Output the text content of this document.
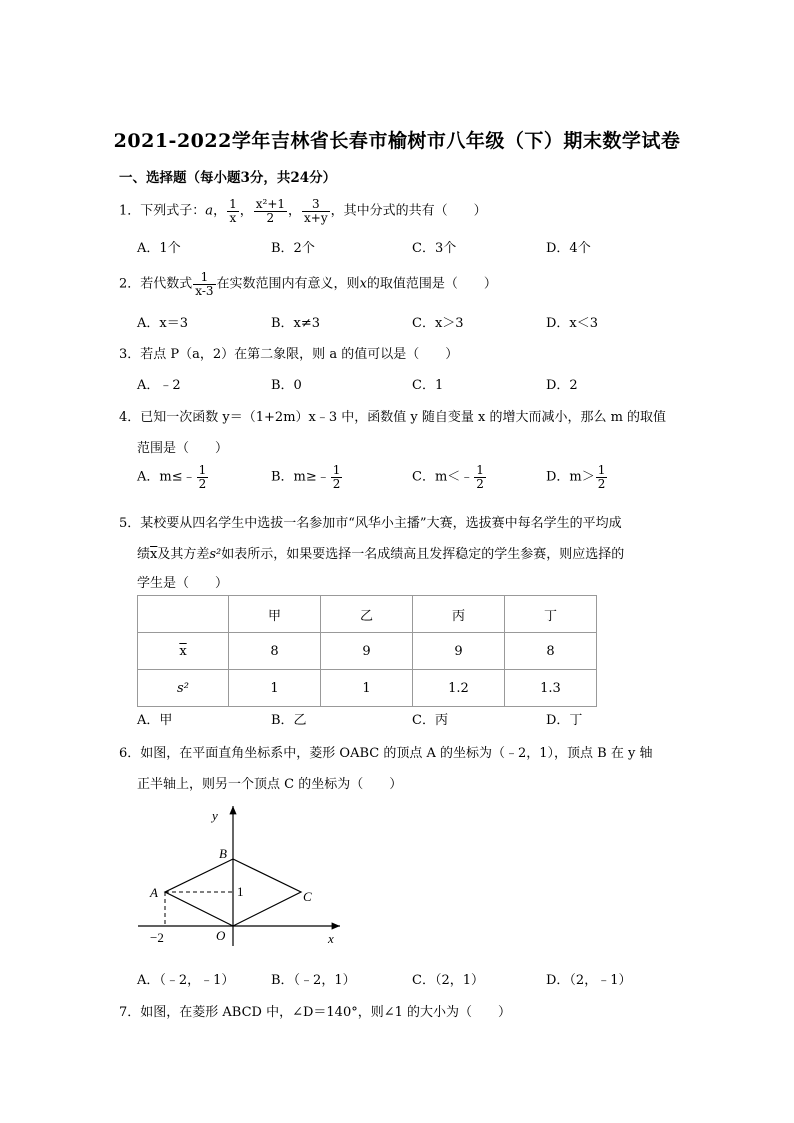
2021-2022学年吉林省长春市榆树市八年级（下）期末数学试卷
一、选择题（每小题3分，共24分）
1．下列式子：a， $\frac{1}{x}$ ， $\frac{\text{x²+1}}{2}$ ， $\frac{3}{x+y}$ ，其中分式的共有（　　）
A．1个	B．2个	C．3个	D．4个
2．若代数式 $\frac{1}{x-3}$ 在实数范围内有意义，则x的取值范围是（　　）
A．x＝3	B．x≠3	C．x＞3	D．x＜3
3．若点 P（a，2）在第二象限，则 a 的值可以是（　　）
A．﹣2	B．0	C．1	D．2
4．已知一次函数 y＝（1+2m）x﹣3 中，函数值 y 随自变量 x 的增大而减小，那么 m 的取值
范围是（　　）
A．m≤﹣ $\frac{1}{2}$	B．m≥﹣ $\frac{1}{2}$	C．m＜﹣ $\frac{1}{2}$	D．$m> \frac{1}{2}$
5．某校要从四名学生中选拔一名参加市“风华小主播”大赛，选拔赛中每名学生的平均成
绩$\overline{x}$及其方差s²如表所示，如果要选择一名成绩高且发挥稳定的学生参赛，则应选择的
学生是（　　）
	甲	乙	丙	丁
$\overline{x}$	8	9	9	8
s²	1	1	1.2	1.3
A．甲	B．乙	C．丙	D．丁
6．如图，在平面直角坐标系中，菱形 OABC 的顶点 A 的坐标为（﹣2，1），顶点 B 在 y 轴
正半轴上，则另一个顶点 C 的坐标为（　　）
y
x
B
A	C
O
1
−2
A．（﹣2，﹣1）	B．（﹣2，1）	C．（2，1）	D．（2，﹣1）
7．如图，在菱形 ABCD 中，∠D＝140°，则∠1 的大小为（　　）
